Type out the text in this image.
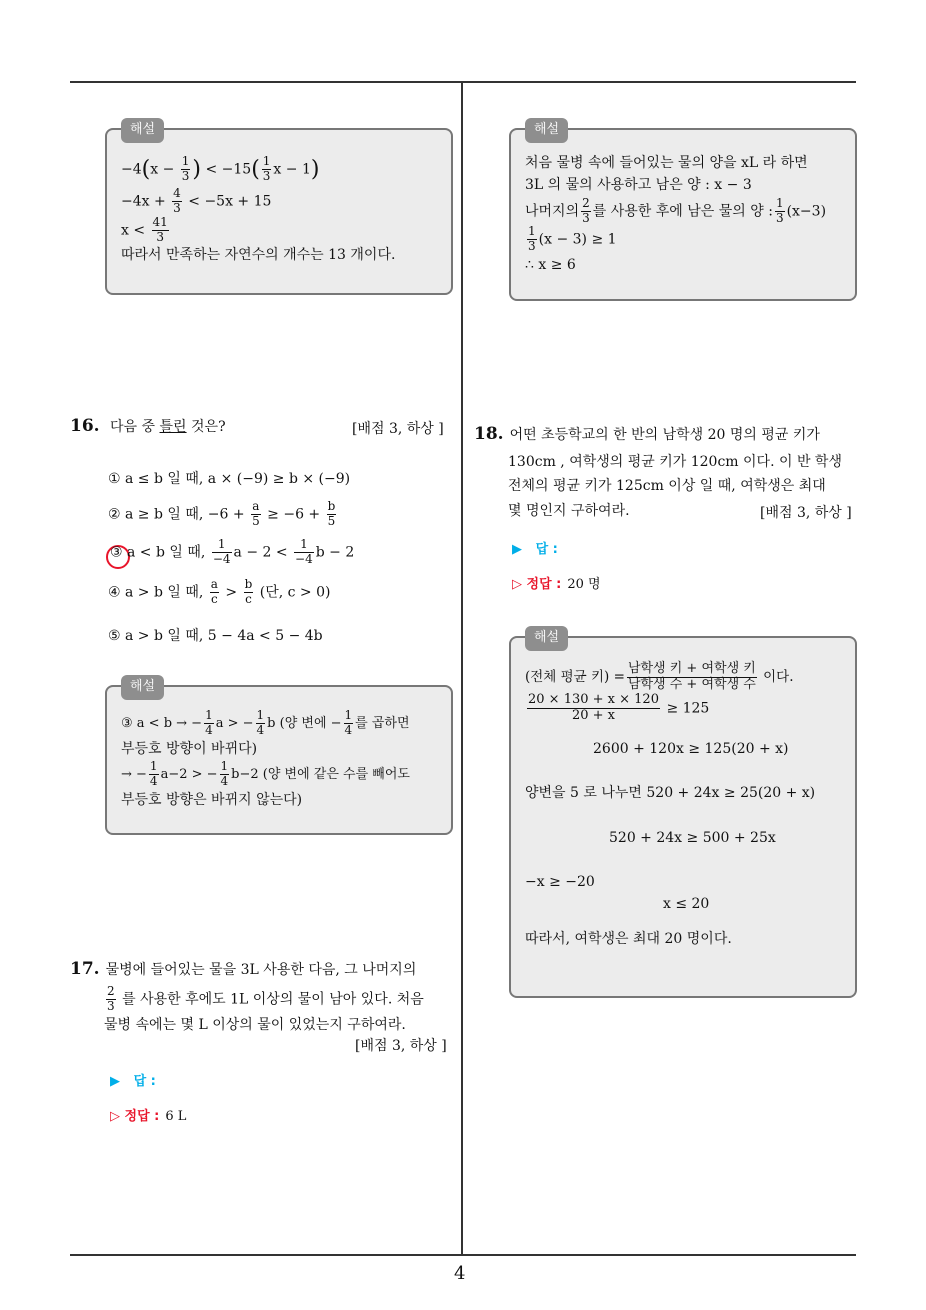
해설
$-4(x - \frac{1}{3}$ ) < $-15( \frac{1}{3}$ x − 1)
$-4x + \frac{4}{3} < -5x + 15$
$x < \frac{41}{3}$
따라서 만족하는 자연수의 개수는 13 개이다.
해설
처음 물병 속에 들어있는 물의 양을 xL 라 하면
3L 의 물의 사용하고 남은 양 : x − 3
나머지의 $\frac{2}{3}$ 를 사용한 후에 남은 물의 양 : $\frac{1}{3} (x-3)$
$\frac{1}{3} (x - 3) \ge 1$
∴ x ≥ 6
16. 다음 중 틀린 것은?	[배점 3, 하상 ]
① a ≤ b 일 때, a × (−9) ≥ b × (−9)
② a ≥ b 일 때, $-6 + \frac{a}{5} \ge -6 + \frac{b}{5}$
③ a < b 일 때, $\frac{1}{-4}$ $a - 2 < \frac{1}{-4}$ b − 2
④ a > b 일 때, $\frac{a}{c} > \frac{b}{c}$ (단, c > 0)
⑤ a > b 일 때, 5 − 4a < 5 − 4b
해설
③ a < b → − $\frac{1}{4}$ a > − $\frac{1}{4}$ b (양 변에 − $\frac{1}{4}$ 를 곱하면
부등호 방향이 바뀌다)
→ − $\frac{1}{4} a-2$ > − $\frac{1}{4} b-2$ (양 변에 같은 수를 빼어도
부등호 방향은 바뀌지 않는다)
17. 물병에 들어있는 물을 3L 사용한 다음, 그 나머지의
$\frac{2}{3}$ 를 사용한 후에도 1L 이상의 물이 남아 있다. 처음
물병 속에는 몇 L 이상의 물이 있었는지 구하여라.
[배점 3, 하상 ]
▶ 답 :
▷ 정답 : 6 L
18. 어떤 초등학교의 한 반의 남학생 20 명의 평균 키가
130cm , 여학생의 평균 키가 120cm 이다. 이 반 학생
전체의 평균 키가 125cm 이상 일 때, 여학생은 최대
몇 명인지 구하여라.	[배점 3, 하상 ]
▶ 답 :
▷ 정답 : 20 명
해설
(전체 평균 키) = $\frac{\text{남학생 키 + 여학생 키}}{\text{남학생 수 + 여학생 수}}$ 이다.
$\frac{20 \times 130 + x \times 120}{20 + x} \ge 125$
2600 + 120x ≥ 125(20 + x)
양변을 5 로 나누면 520 + 24x ≥ 25(20 + x)
520 + 24x ≥ 500 + 25x
−x ≥ −20
x ≤ 20
따라서, 여학생은 최대 20 명이다.
4
